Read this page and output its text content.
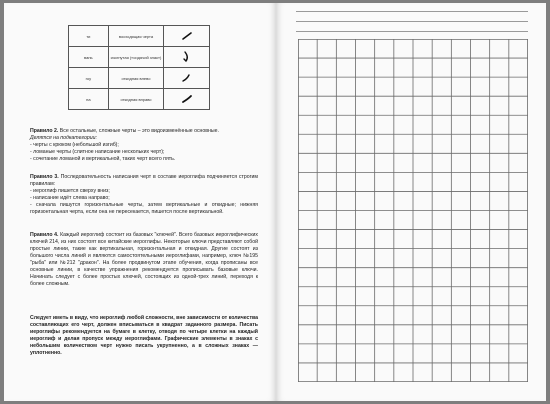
ти	восходящая черта	

вань	изогнутая («сидячий знак»)	

гоу	откидная влево	

на	откидная вправо	

Правило 2. Все остальные, сложные черты – это видоизменённые основные.

Делятся на подкатегории:

- черты с крюком (небольшой изгиб);

- ломаные черты (слитное написание нескольких черт);

- сочетание ломаной и вертикальной, таких черт всего пять.

Правило 3. Последовательность написания черт в составе иероглифа подчиняется строгим правилам:

- иероглиф пишется сверху вниз;

- написание идёт слева направо;

- сначала пишутся горизонтальные черты, затем вертикальные и откидные; нижняя горизонтальная черта, если она не пересекается, пишется после вертикальной.

Правило 4. Каждый иероглиф состоит из базовых "ключей". Всего базовых иероглифических ключей 214, из них состоят все китайские иероглифы. Некоторые ключи представляют собой простые линии, такие как вертикальная, горизонтальная и откидная. Другие состоят из большого числа линий и являются самостоятельными иероглифами, например, ключ №195 "рыба" или №212 "дракон". На более продвинутом этапе обучения, когда прописаны все основные линии, в качестве упражнения рекомендуется прописывать базовые ключи. Начинать следует с более простых ключей, состоящих из одной-трех линий, переходя к более сложным.

Следует иметь в виду, что иероглиф любой сложности, вне зависимости от количества составляющих его черт, должен вписываться в квадрат заданного размера. Писать иероглифы рекомендуется на бумаге в клетку, отводя по четыре клетки на каждый иероглиф и делая пропуск между иероглифами. Графические элементы в знаках с небольшим количеством черт нужно писать укрупненно, а в сложных знаках — уплотненно.
